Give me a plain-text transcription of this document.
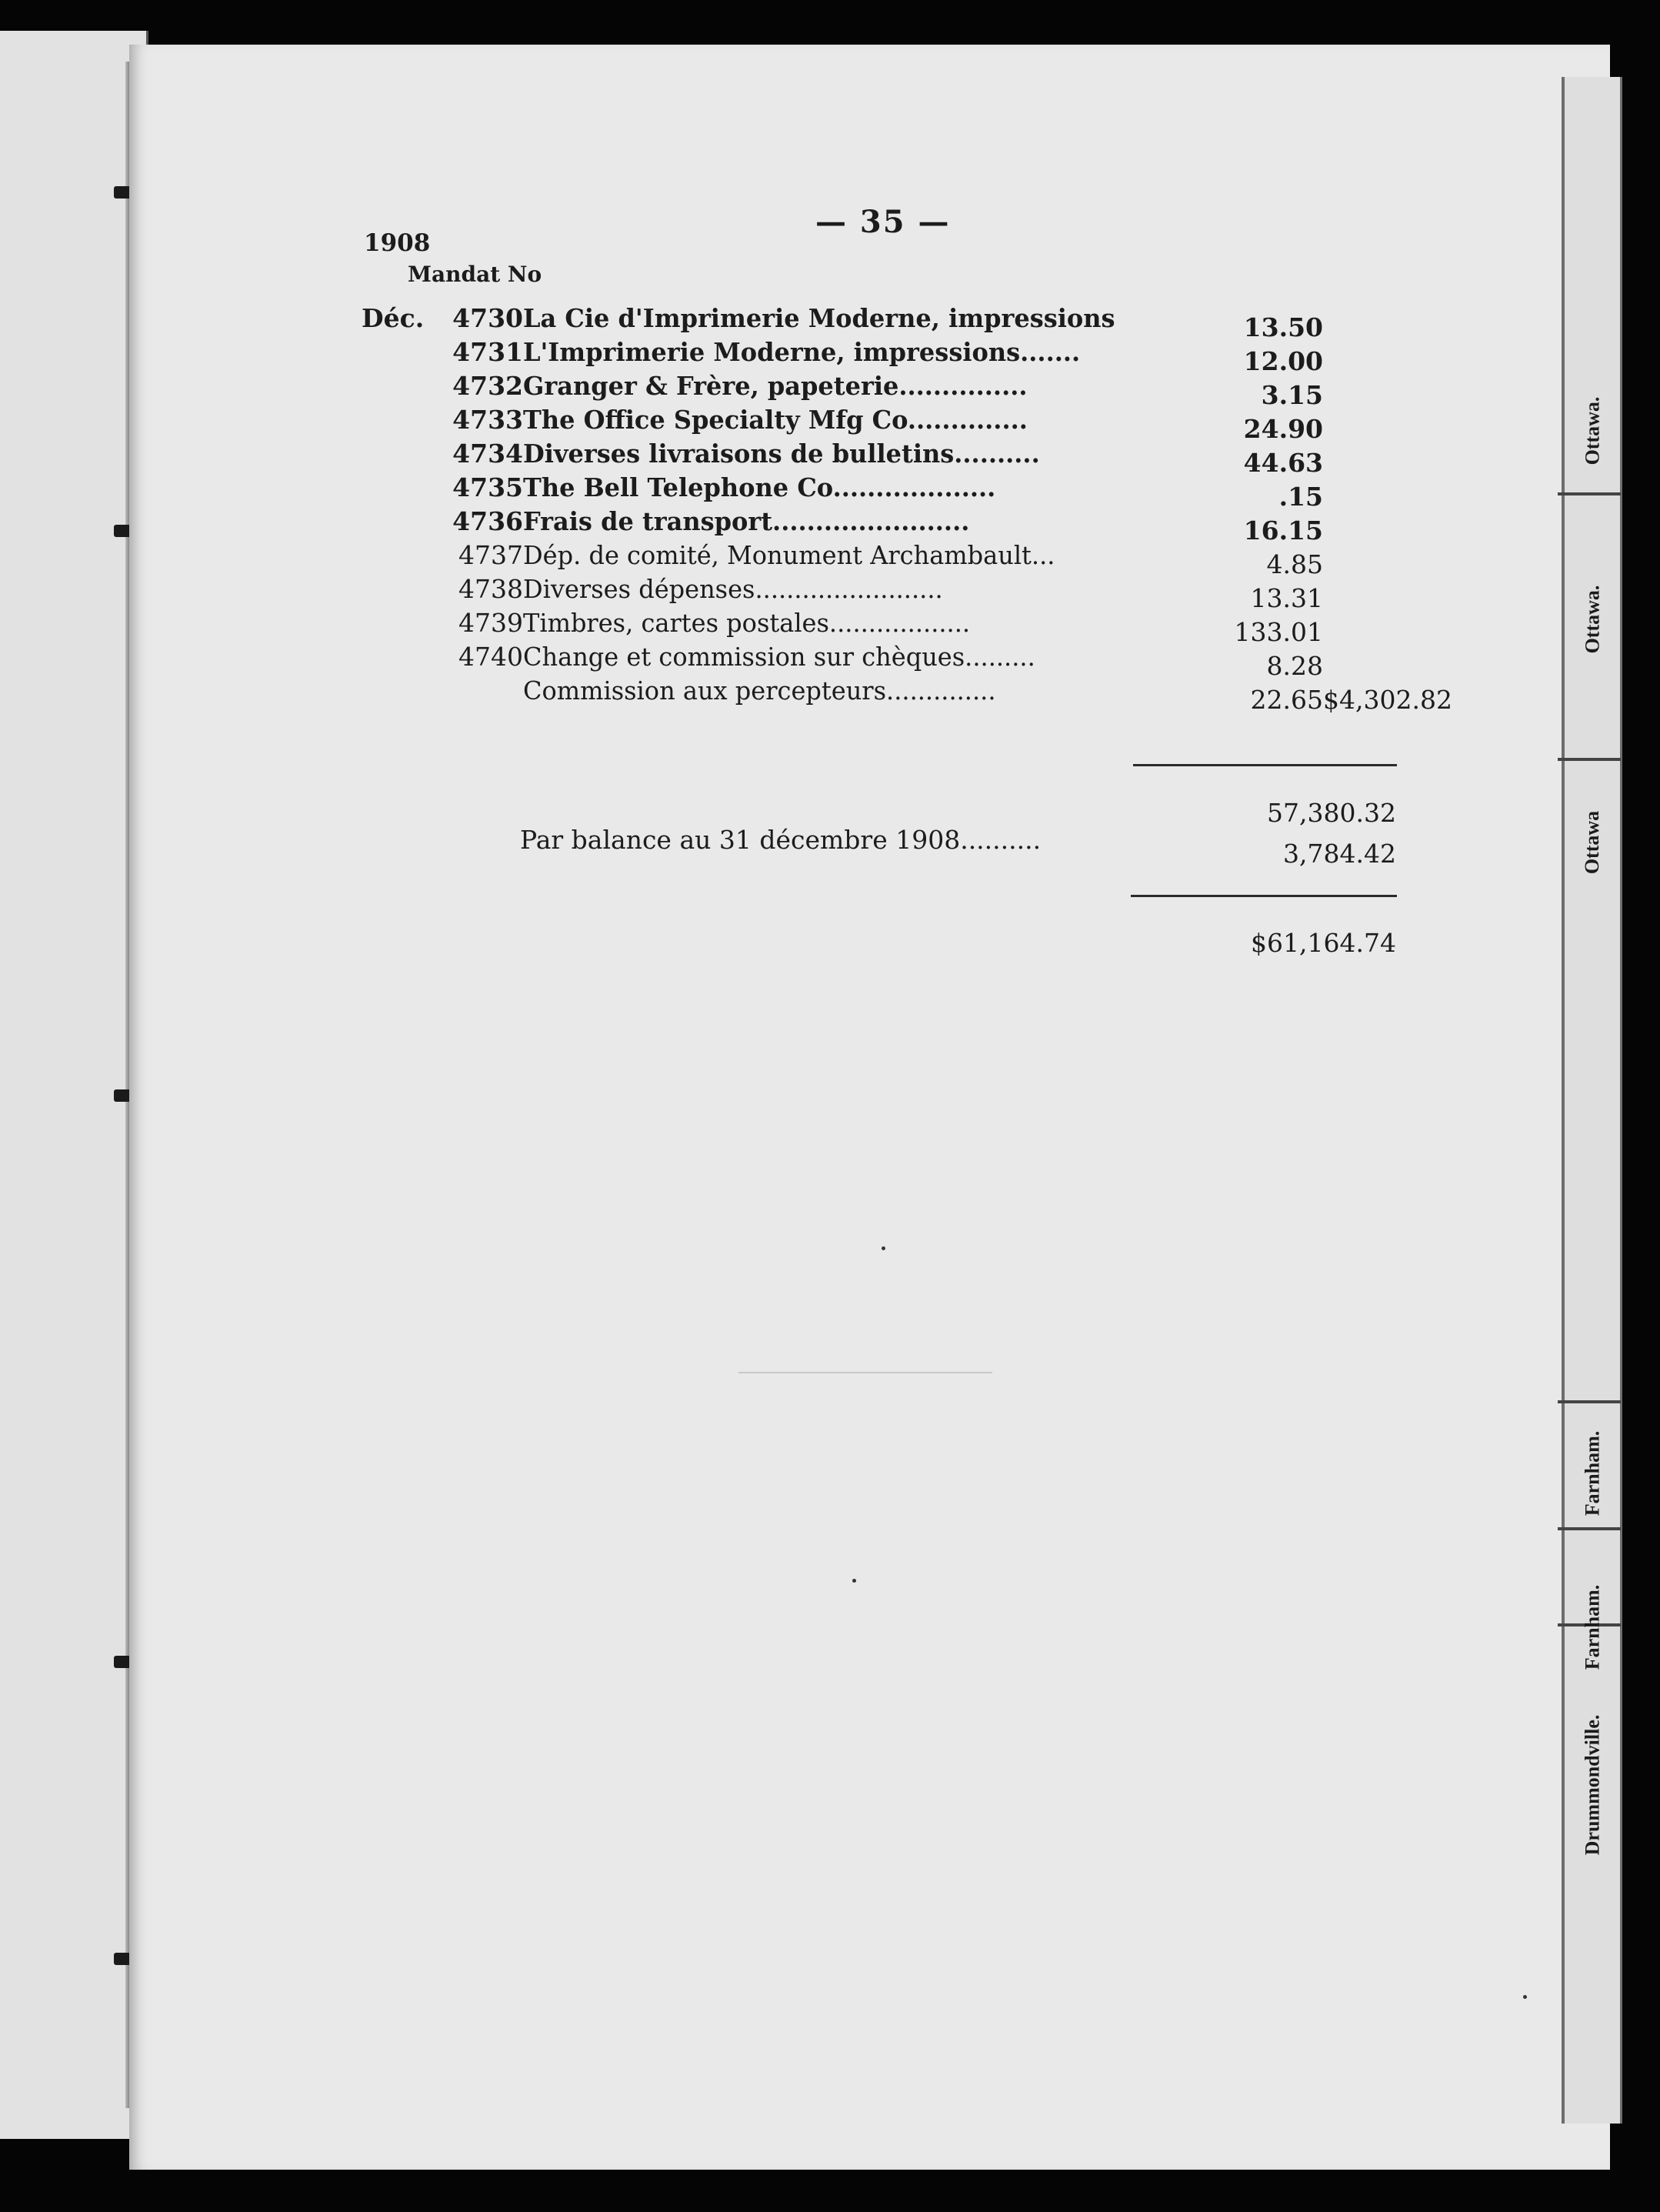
Ottawa.
Ottawa.
Ottawa
Farnham.
Farnham.
Drummondville.
— 35 —
1908
Mandat No
Déc. 4730 La Cie d'Imprimerie Moderne, impressions	13.50
4731 L'Imprimerie Moderne, impressions.......	12.00
4732 Granger & Frère, papeterie...............	3.15
4733 The Office Specialty Mfg Co..............	24.90
4734 Diverses livraisons de bulletins..........	44.63
4735 The Bell Telephone Co...................	.15
4736 Frais de transport.......................	16.15
4737 Dép. de comité, Monument Archambault...	4.85
4738 Diverses dépenses........................	13.31
4739 Timbres, cartes postales..................	133.01
4740 Change et commission sur chèques.........	8.28
Commission aux percepteurs..............	22.65 $4,302.82
57,380.32
Par balance au 31 décembre 1908..........	3,784.42
$61,164.74
